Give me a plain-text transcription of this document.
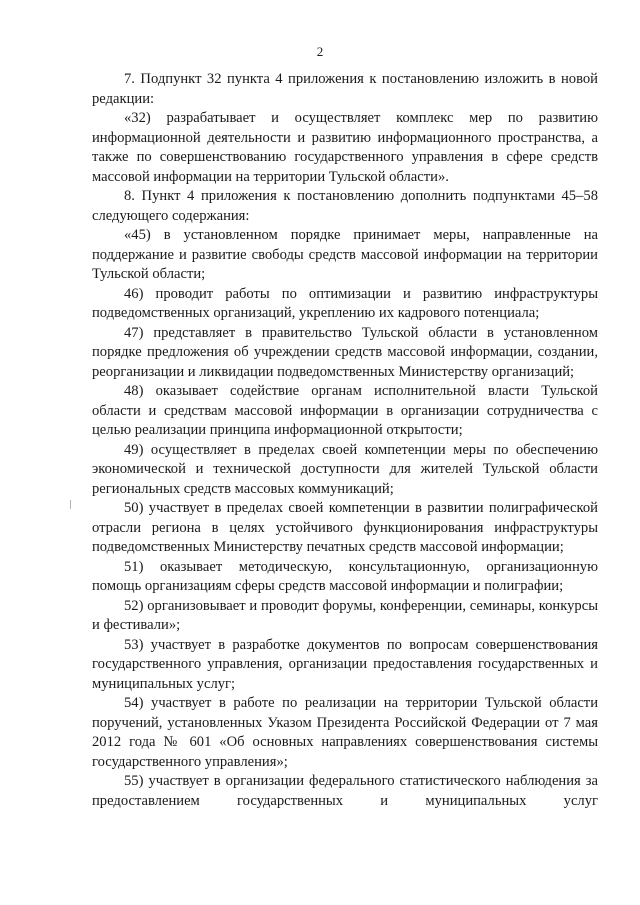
2

7. Подпункт 32 пункта 4 приложения к постановлению изложить в новой редакции:

«32) разрабатывает и осуществляет комплекс мер по развитию информационной деятельности и развитию информационного пространства, а также по совершенствованию государственного управления в сфере средств массовой информации на территории Тульской области».

8. Пункт 4 приложения к постановлению дополнить подпунктами 45–58 следующего содержания:

«45) в установленном порядке принимает меры, направленные на поддержание и развитие свободы средств массовой информации на территории Тульской области;

46) проводит работы по оптимизации и развитию инфраструктуры подведомственных организаций, укреплению их кадрового потенциала;

47) представляет в правительство Тульской области в установленном порядке предложения об учреждении средств массовой информации, создании, реорганизации и ликвидации подведомственных Министерству организаций;

48) оказывает содействие органам исполнительной власти Тульской области и средствам массовой информации в организации сотрудничества с целью реализации принципа информационной открытости;

49) осуществляет в пределах своей компетенции меры по обеспечению экономической и технической доступности для жителей Тульской области региональных средств массовых коммуникаций;

50) участвует в пределах своей компетенции в развитии полиграфической отрасли региона в целях устойчивого функционирования инфраструктуры подведомственных Министерству печатных средств массовой информации;

51) оказывает методическую, консультационную, организационную помощь организациям сферы средств массовой информации и полиграфии;

52) организовывает и проводит форумы, конференции, семинары, конкурсы и фестивали»;

53) участвует в разработке документов по вопросам совершенствования государственного управления, организации предоставления государственных и муниципальных услуг;

54) участвует в работе по реализации на территории Тульской области поручений, установленных Указом Президента Российской Федерации от 7 мая 2012 года № 601 «Об основных направлениях совершенствования системы государственного управления»;

55) участвует в организации федерального статистического наблюдения за предоставлением государственных и муниципальных услуг
